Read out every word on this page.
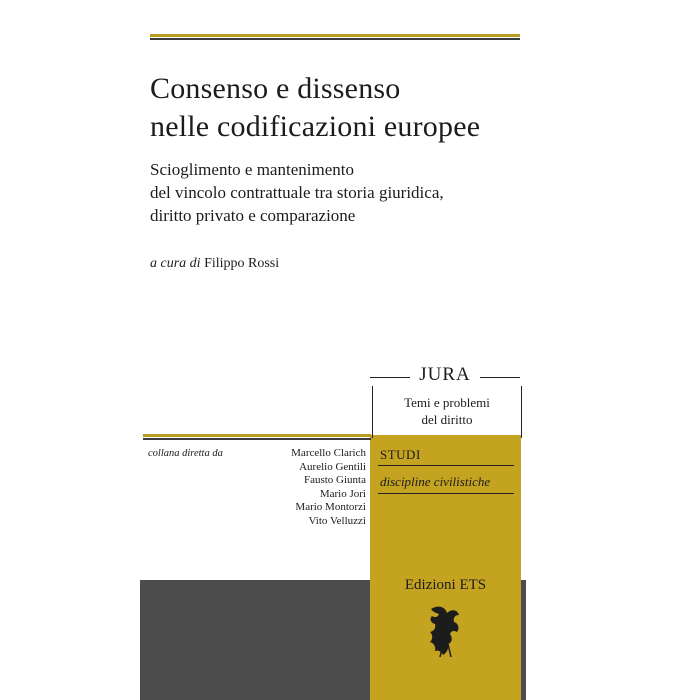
Consenso e dissenso
nelle codificazioni europee
Scioglimento e mantenimento
del vincolo contrattuale tra storia giuridica,
diritto privato e comparazione
a cura di Filippo Rossi
JURA
Temi e problemi
del diritto
STUDI
discipline civilistiche
collana diretta da	Marcello Clarich
Aurelio Gentili
Fausto Giunta
Mario Jori
Mario Montorzi
Vito Velluzzi
Edizioni ETS
